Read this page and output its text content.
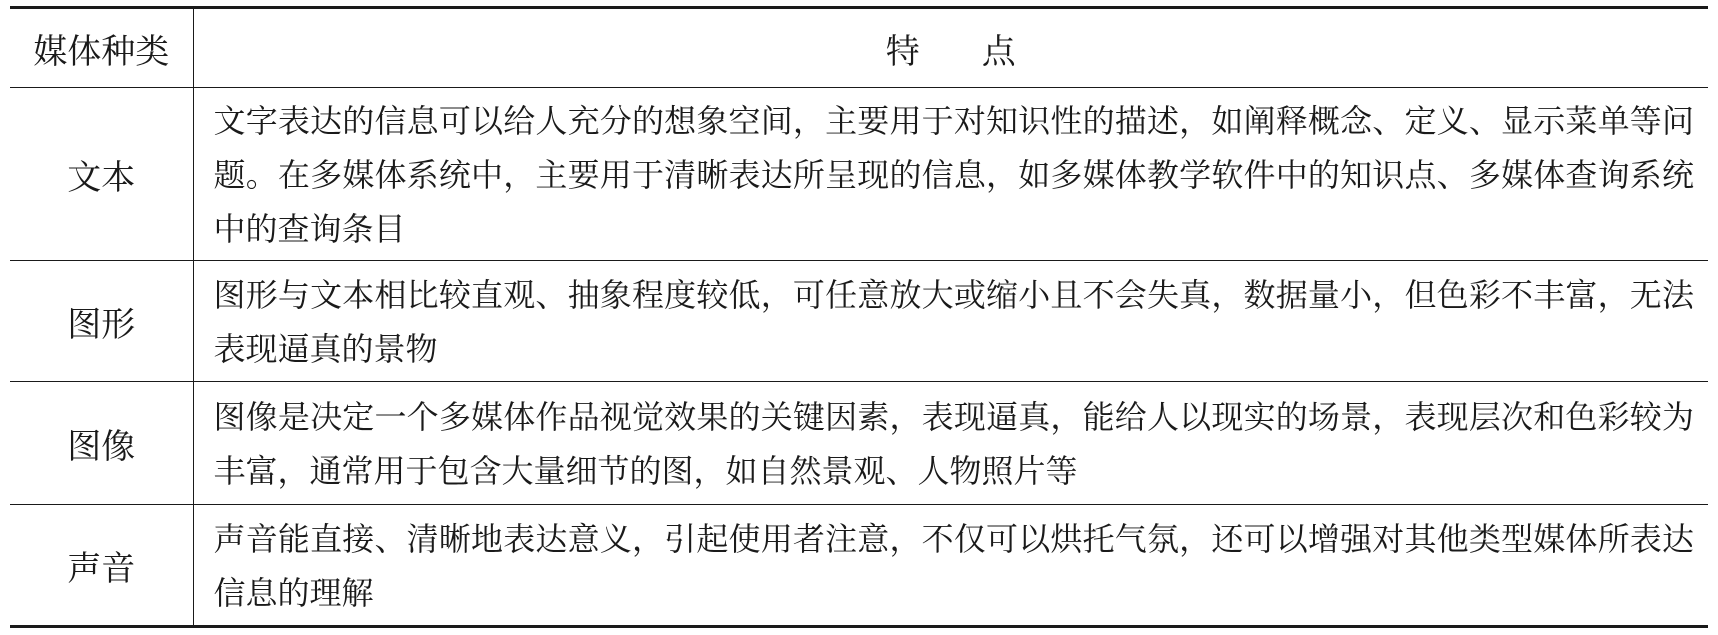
媒体种类	特点
文本	文字表达的信息可以给人充分的想象空间，主要用于对知识性的描述，如阐释概念、定义、显示菜单等问题。在多媒体系统中，主要用于清晰表达所呈现的信息，如多媒体教学软件中的知识点、多媒体查询系统中的查询条目
图形	图形与文本相比较直观、抽象程度较低，可任意放大或缩小且不会失真，数据量小，但色彩不丰富，无法表现逼真的景物
图像	图像是决定一个多媒体作品视觉效果的关键因素，表现逼真，能给人以现实的场景，表现层次和色彩较为丰富，通常用于包含大量细节的图，如自然景观、人物照片等
声音	声音能直接、清晰地表达意义，引起使用者注意，不仅可以烘托气氛，还可以增强对其他类型媒体所表达信息的理解
